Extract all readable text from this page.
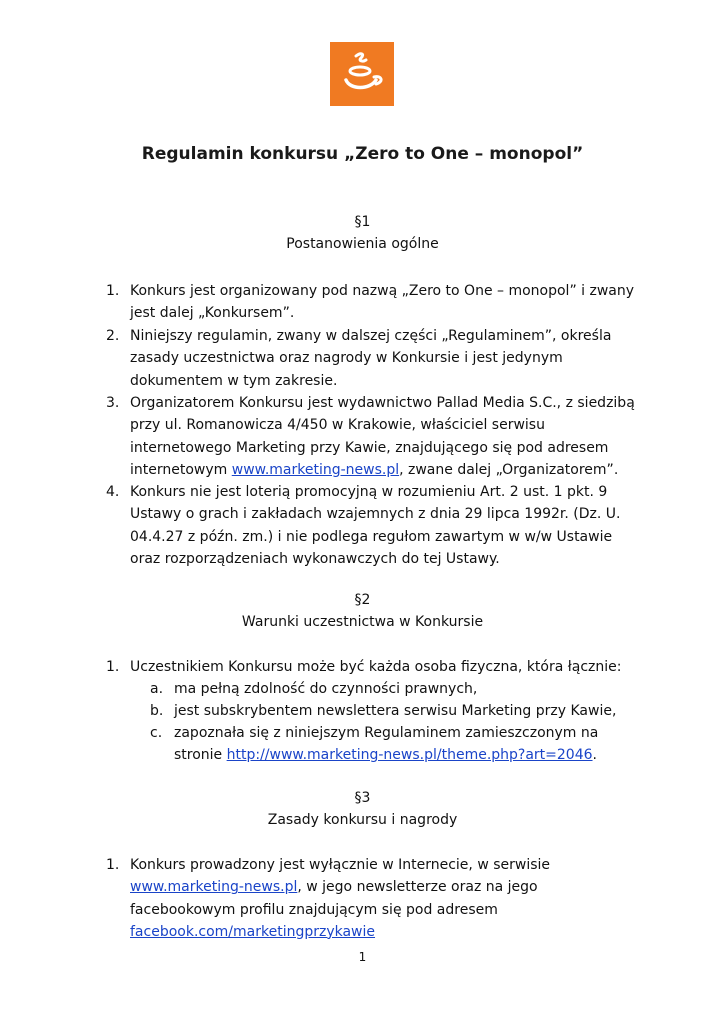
Regulamin konkursu „Zero to One – monopol”
§1
Postanowienia ogólne
1. Konkurs jest organizowany pod nazwą „Zero to One – monopol” i zwany jest dalej „Konkursem”.
2. Niniejszy regulamin, zwany w dalszej części „Regulaminem”, określa zasady uczestnictwa oraz nagrody w Konkursie i jest jedynym dokumentem w tym zakresie.
3. Organizatorem Konkursu jest wydawnictwo Pallad Media S.C., z siedzibą przy ul. Romanowicza 4/450 w Krakowie, właściciel serwisu internetowego Marketing przy Kawie, znajdującego się pod adresem internetowym www.marketing-news.pl, zwane dalej „Organizatorem”.
4. Konkurs nie jest loterią promocyjną w rozumieniu Art. 2 ust. 1 pkt. 9 Ustawy o grach i zakładach wzajemnych z dnia 29 lipca 1992r. (Dz. U. 04.4.27 z późn. zm.) i nie podlega regułom zawartym w w/w Ustawie oraz rozporządzeniach wykonawczych do tej Ustawy.
§2
Warunki uczestnictwa w Konkursie
1. Uczestnikiem Konkursu może być każda osoba fizyczna, która łącznie:
a. ma pełną zdolność do czynności prawnych,
b. jest subskrybentem newslettera serwisu Marketing przy Kawie,
c. zapoznała się z niniejszym Regulaminem zamieszczonym na stronie http://www.marketing-news.pl/theme.php?art=2046.
§3
Zasady konkursu i nagrody
1. Konkurs prowadzony jest wyłącznie w Internecie, w serwisie www.marketing-news.pl, w jego newsletterze oraz na jego facebookowym profilu znajdującym się pod adresem facebook.com/marketingprzykawie
1
